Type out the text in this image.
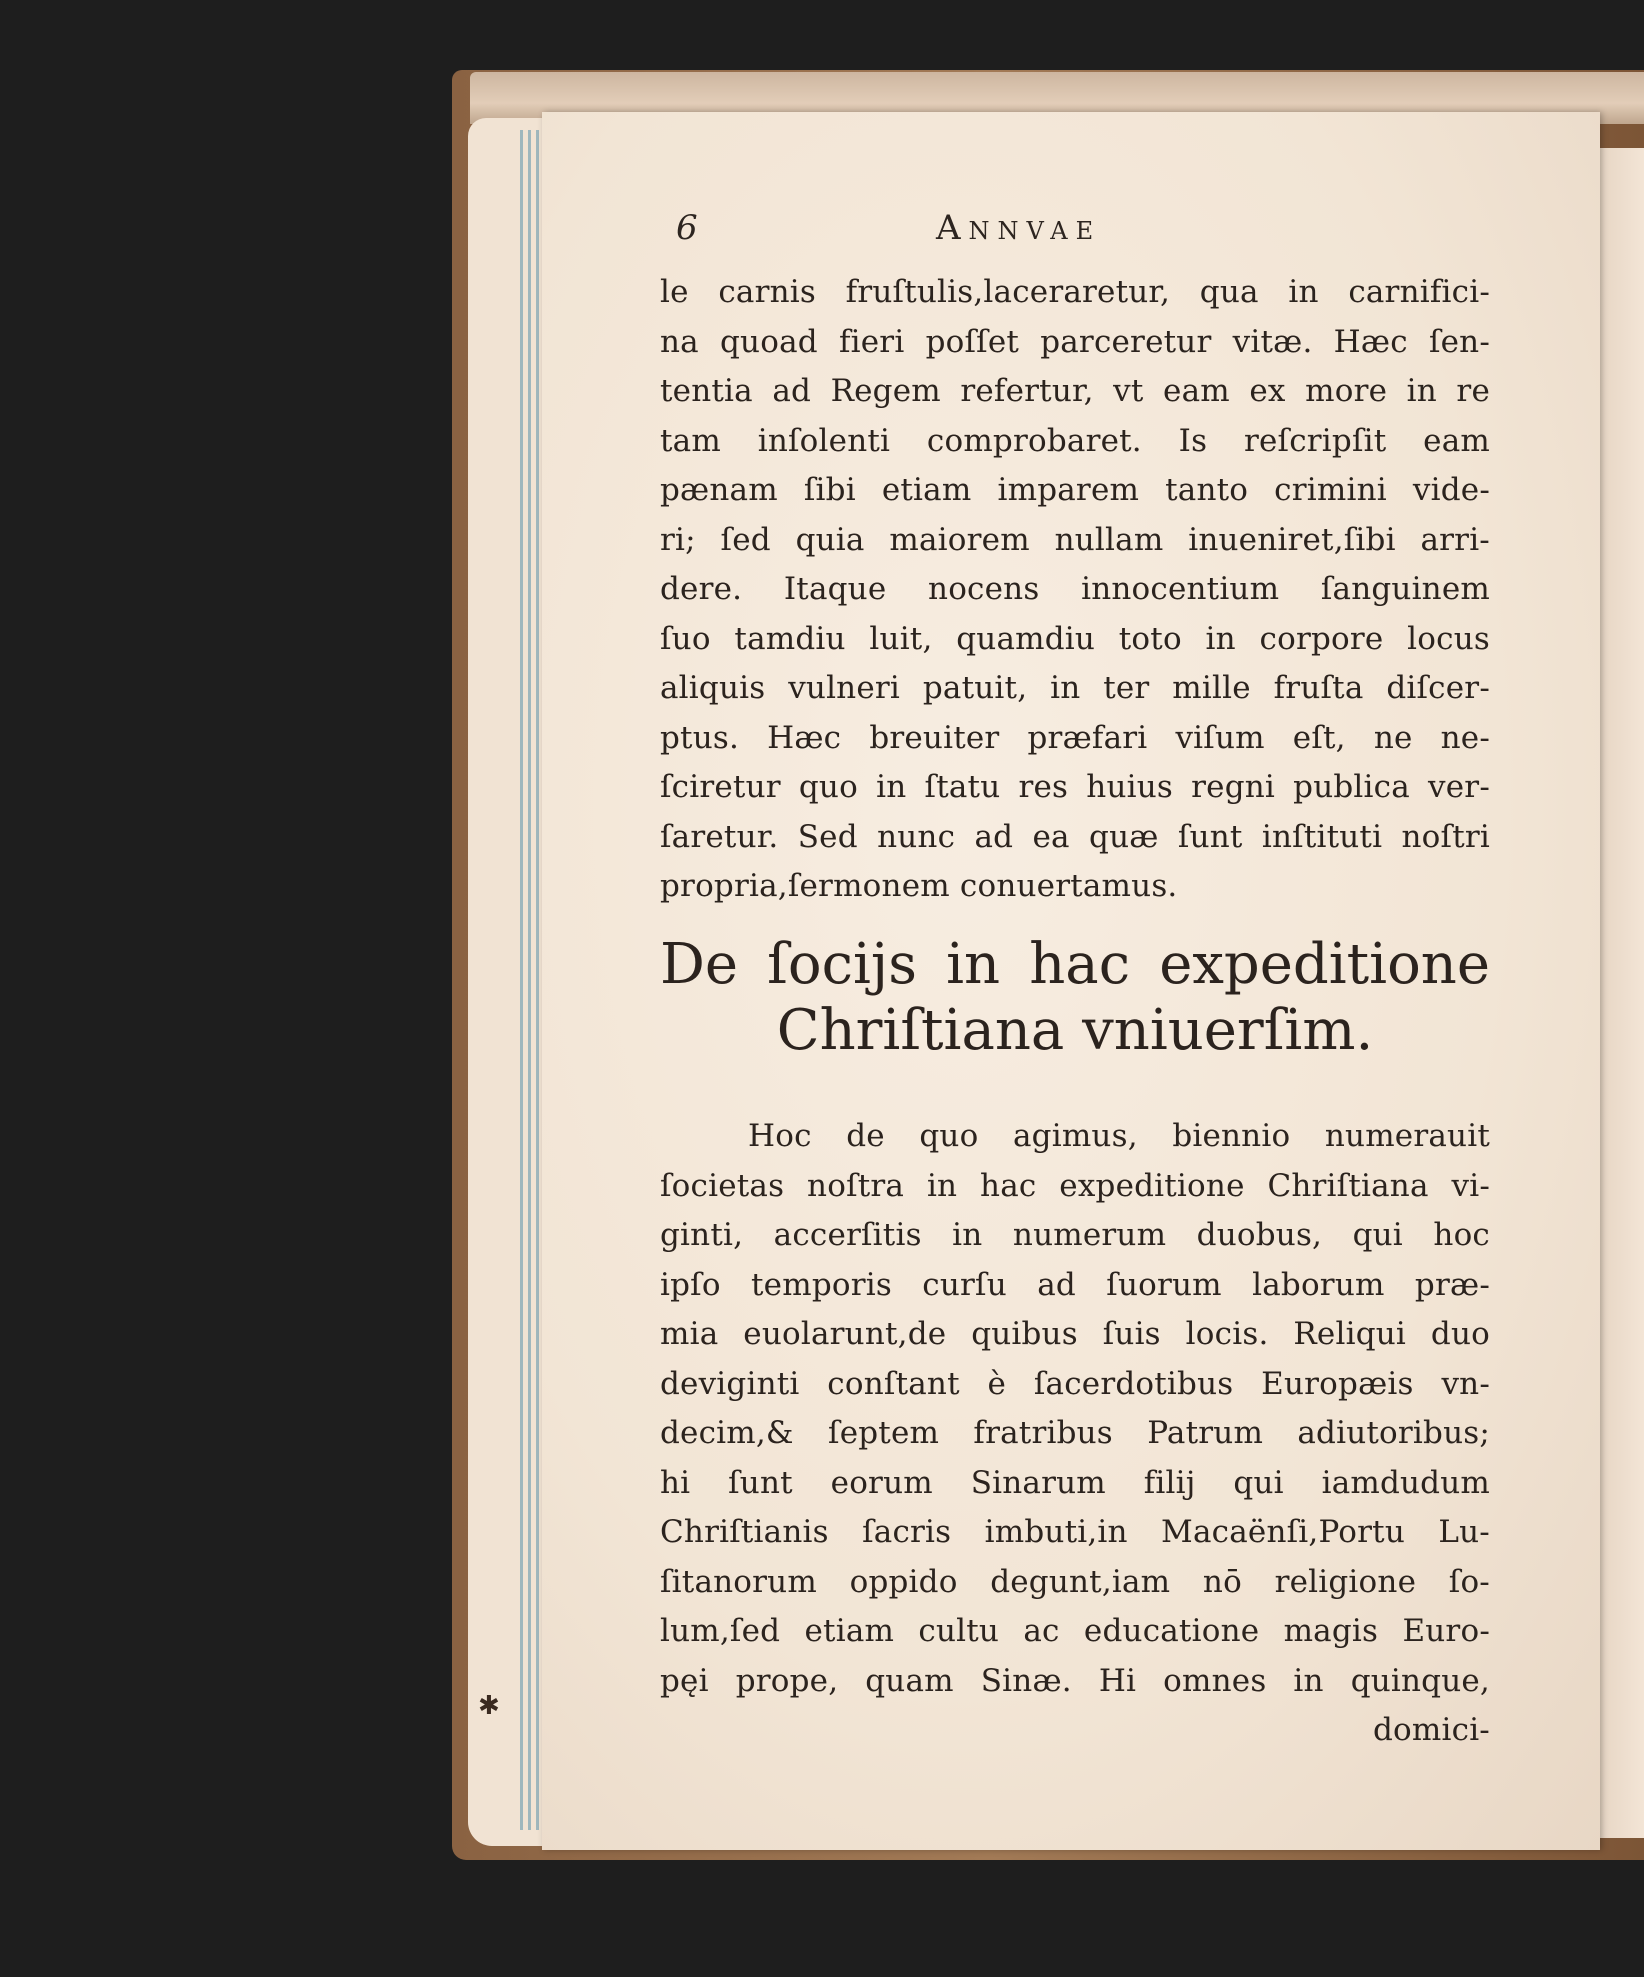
✱
6	Annvae
le carnis fruſtulis,laceraretur, qua in carnifici-
na quoad fieri poſſet parceretur vitæ. Hæc ſen-
tentia ad Regem refertur, vt eam ex more in re
tam inſolenti comprobaret. Is reſcripſit eam
pænam ſibi etiam imparem tanto crimini vide-
ri; ſed quia maiorem nullam inueniret,ſibi arri-
dere. Itaque nocens innocentium ſanguinem
ſuo tamdiu luit, quamdiu toto in corpore locus
aliquis vulneri patuit, in ter mille fruſta diſcer-
ptus. Hæc breuiter præfari viſum eſt, ne ne-
ſciretur quo in ſtatu res huius regni publica ver-
ſaretur. Sed nunc ad ea quæ ſunt inſtituti noſtri
propria,ſermonem conuertamus.
De ſocijs in hac expeditione
Chriſtiana vniuerſim.
Hoc de quo agimus, biennio numerauit
ſocietas noſtra in hac expeditione Chriſtiana vi-
ginti, accerſitis in numerum duobus, qui hoc
ipſo temporis curſu ad ſuorum laborum præ-
mia euolarunt,de quibus ſuis locis. Reliqui duo
deviginti conſtant è ſacerdotibus Europæis vn-
decim,& ſeptem fratribus Patrum adiutoribus;
hi ſunt eorum Sinarum filij qui iamdudum
Chriſtianis ſacris imbuti,in Macaënſi,Portu Lu-
ſitanorum oppido degunt,iam nō religione ſo-
lum,ſed etiam cultu ac educatione magis Euro-
pęi prope, quam Sinæ. Hi omnes in quinque,
domici-
